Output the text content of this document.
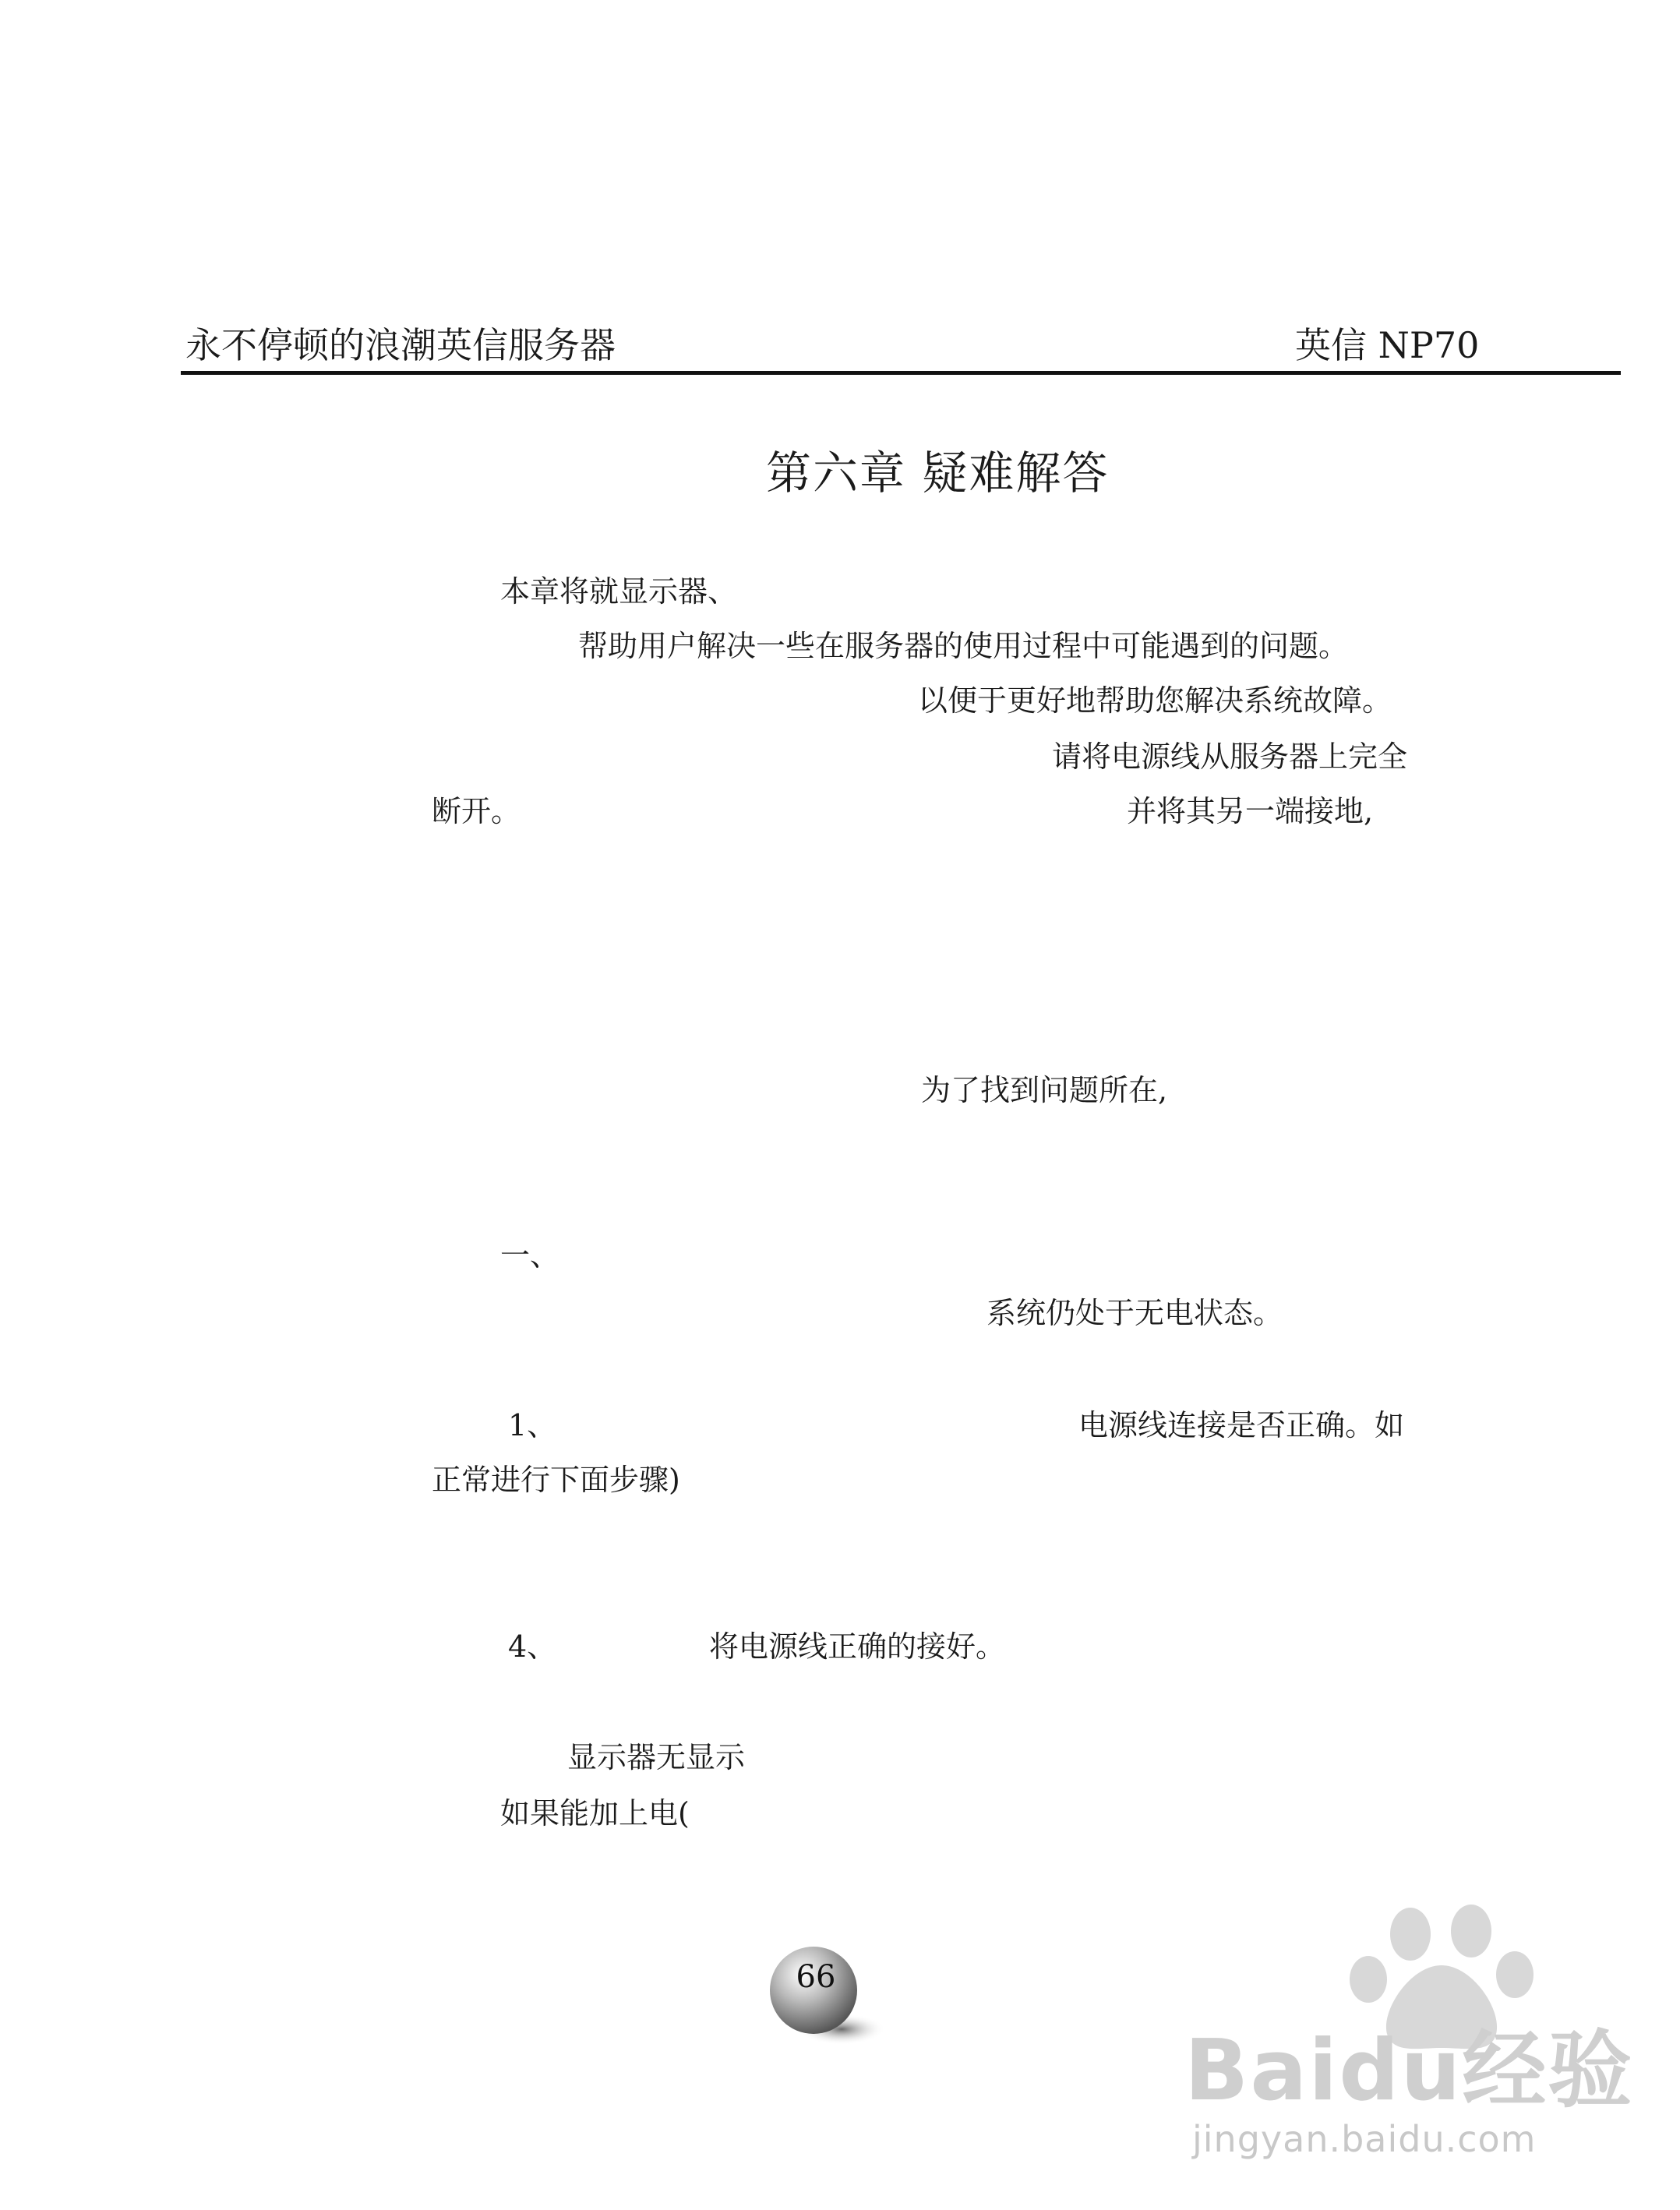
永不停顿的浪潮英信服务器	英信 NP70
第六章 疑难解答
本章将就显示器、
帮助用户解决一些在服务器的使用过程中可能遇到的问题。
以便于更好地帮助您解决系统故障。
请将电源线从服务器上完全
断开。	并将其另一端接地,
为了找到问题所在,
一、
系统仍处于无电状态。
1、	电源线连接是否正确。如
正常进行下面步骤)
4、	将电源线正确的接好。
显示器无显示
如果能加上电(
66
Baidu经验
jingyan.baidu.com
